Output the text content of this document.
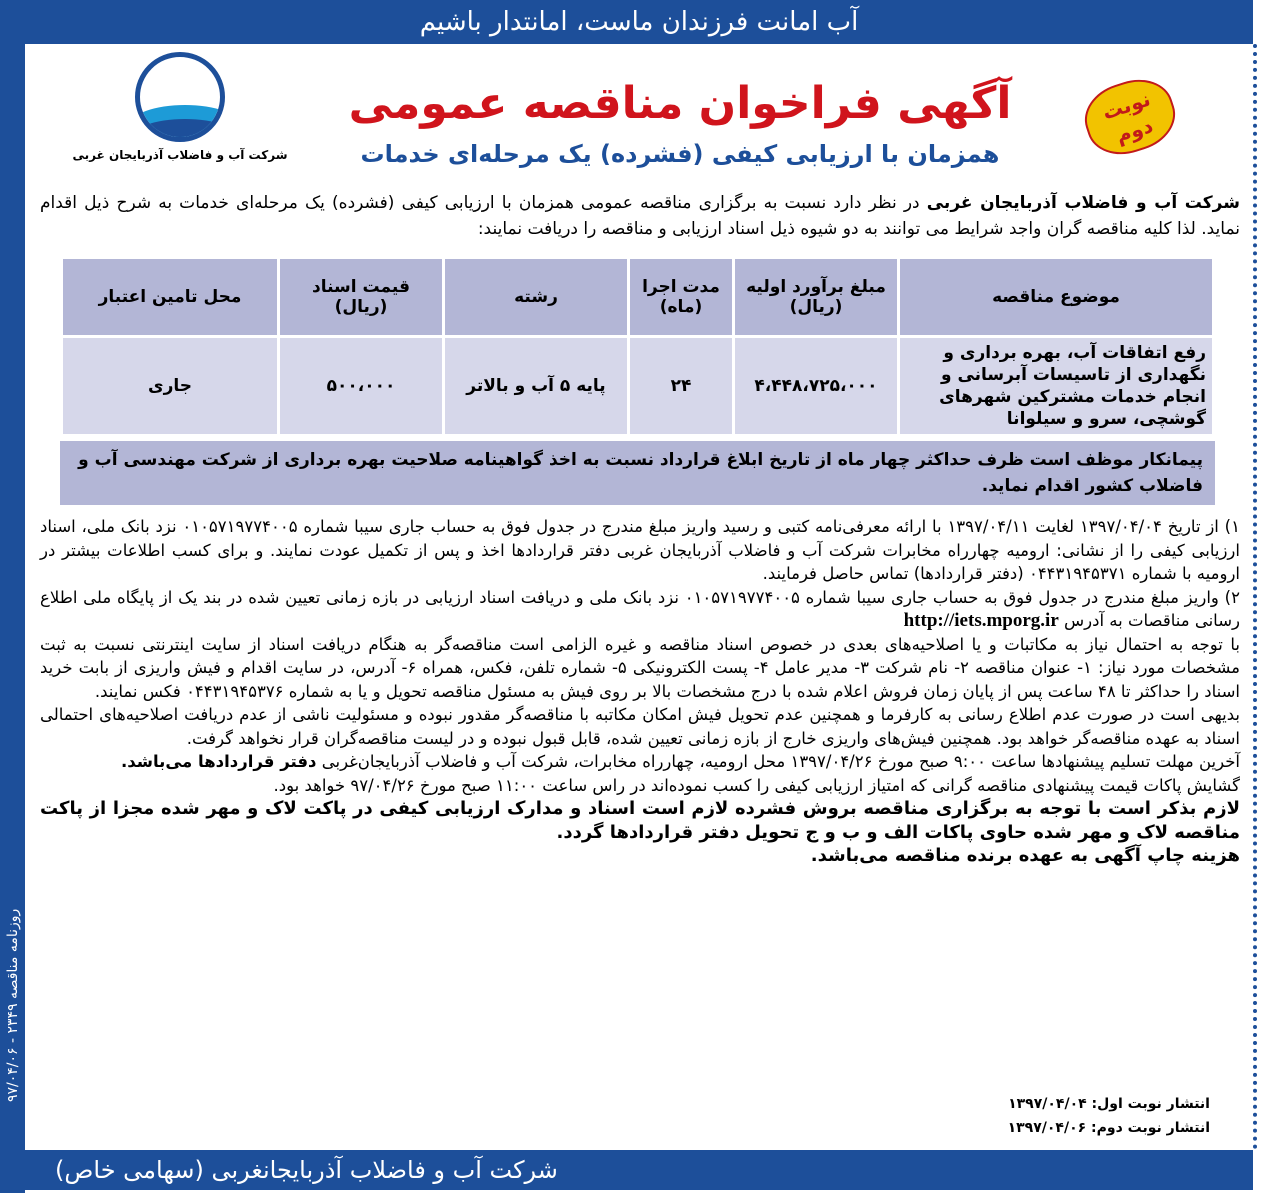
روزنامه مناقصه ۲۳۴۹ - ۹۷/۰۴/۰۶
آب امانت فرزندان ماست، امانتدار باشیم
شرکت آب و فاضلاب آذربایجان غربی
نوبت دوم
آگهی فراخوان مناقصه عمومی
همزمان با ارزیابی کیفی (فشرده) یک مرحله‌ای خدمات
شرکت آب و فاضلاب آذربایجان غربی در نظر دارد نسبت به برگزاری مناقصه عمومی همزمان با ارزیابی کیفی (فشرده) یک مرحله‌ای خدمات به شرح ذیل اقدام نماید. لذا کلیه مناقصه گران واجد شرایط می توانند به دو شیوه ذیل اسناد ارزیابی و مناقصه را دریافت نمایند:
موضوع مناقصه	مبلغ برآورد اولیه (ریال)	مدت اجرا (ماه)	رشته	قیمت اسناد (ریال)	محل تامین اعتبار
رفع اتفاقات آب، بهره برداری و نگهداری از تاسیسات آبرسانی و انجام خدمات مشترکین شهرهای گوشچی، سرو و سیلوانا	۴،۴۴۸،۷۲۵،۰۰۰	۲۴	پایه ۵ آب و بالاتر	۵۰۰،۰۰۰	جاری
پیمانکار موظف است ظرف حداکثر چهار ماه از تاریخ ابلاغ قرارداد نسبت به اخذ گواهینامه صلاحیت بهره برداری از شرکت مهندسی آب و فاضلاب کشور اقدام نماید.

۱) از تاریخ ۱۳۹۷/۰۴/۰۴ لغایت ۱۳۹۷/۰۴/۱۱ با ارائه معرفی‌نامه کتبی و رسید واریز مبلغ مندرج در جدول فوق به حساب جاری سیبا شماره ۰۱۰۵۷۱۹۷۷۴۰۰۵ نزد بانک ملی، اسناد ارزیابی کیفی را از نشانی: ارومیه چهارراه مخابرات شرکت آب و فاضلاب آذربایجان غربی دفتر قراردادها اخذ و پس از تکمیل عودت نمایند. و برای کسب اطلاعات بیشتر در ارومیه با شماره ۰۴۴۳۱۹۴۵۳۷۱ (دفتر قراردادها) تماس حاصل فرمایند.

۲) واریز مبلغ مندرج در جدول فوق به حساب جاری سیبا شماره ۰۱۰۵۷۱۹۷۷۴۰۰۵ نزد بانک ملی و دریافت اسناد ارزیابی در بازه زمانی تعیین شده در بند یک از پایگاه ملی اطلاع رسانی مناقصات به آدرس http://iets.mporg.ir

با توجه به احتمال نیاز به مکاتبات و یا اصلاحیه‌های بعدی در خصوص اسناد مناقصه و غیره الزامی است مناقصه‌گر به هنگام دریافت اسناد از سایت اینترنتی نسبت به ثبت مشخصات مورد نیاز: ۱- عنوان مناقصه ۲- نام شرکت ۳- مدیر عامل ۴- پست الکترونیکی ۵- شماره تلفن، فکس، همراه ۶- آدرس، در سایت اقدام و فیش واریزی از بابت خرید اسناد را حداکثر تا ۴۸ ساعت پس از پایان زمان فروش اعلام شده با درج مشخصات بالا بر روی فیش به مسئول مناقصه تحویل و یا به شماره ۰۴۴۳۱۹۴۵۳۷۶ فکس نمایند.

بدیهی است در صورت عدم اطلاع رسانی به کارفرما و همچنین عدم تحویل فیش امکان مکاتبه با مناقصه‌گر مقدور نبوده و مسئولیت ناشی از عدم دریافت اصلاحیه‌های احتمالی اسناد به عهده مناقصه‌گر خواهد بود. همچنین فیش‌های واریزی خارج از بازه زمانی تعیین شده، قابل قبول نبوده و در لیست مناقصه‌گران قرار نخواهد گرفت.

آخرین مهلت تسلیم پیشنهادها ساعت ۹:۰۰ صبح مورخ ۱۳۹۷/۰۴/۲۶ محل ارومیه، چهارراه مخابرات، شرکت آب و فاضلاب آذربایجان‌غربی دفتر قراردادها می‌باشد.

گشایش پاکات قیمت پیشنهادی مناقصه گرانی که امتیاز ارزیابی کیفی را کسب نموده‌اند در راس ساعت ۱۱:۰۰ صبح مورخ ۹۷/۰۴/۲۶ خواهد بود.

لازم بذکر است با توجه به برگزاری مناقصه بروش فشرده لازم است اسناد و مدارک ارزیابی کیفی در پاکت لاک و مهر شده مجزا از پاکت مناقصه لاک و مهر شده حاوی پاکات الف و ب و ج تحویل دفتر قراردادها گردد.

هزینه چاپ آگهی به عهده برنده مناقصه می‌باشد.

انتشار نوبت اول: ۱۳۹۷/۰۴/۰۴
انتشار نوبت دوم: ۱۳۹۷/۰۴/۰۶
شرکت آب و فاضلاب آذربایجانغربی (سهامی خاص)
